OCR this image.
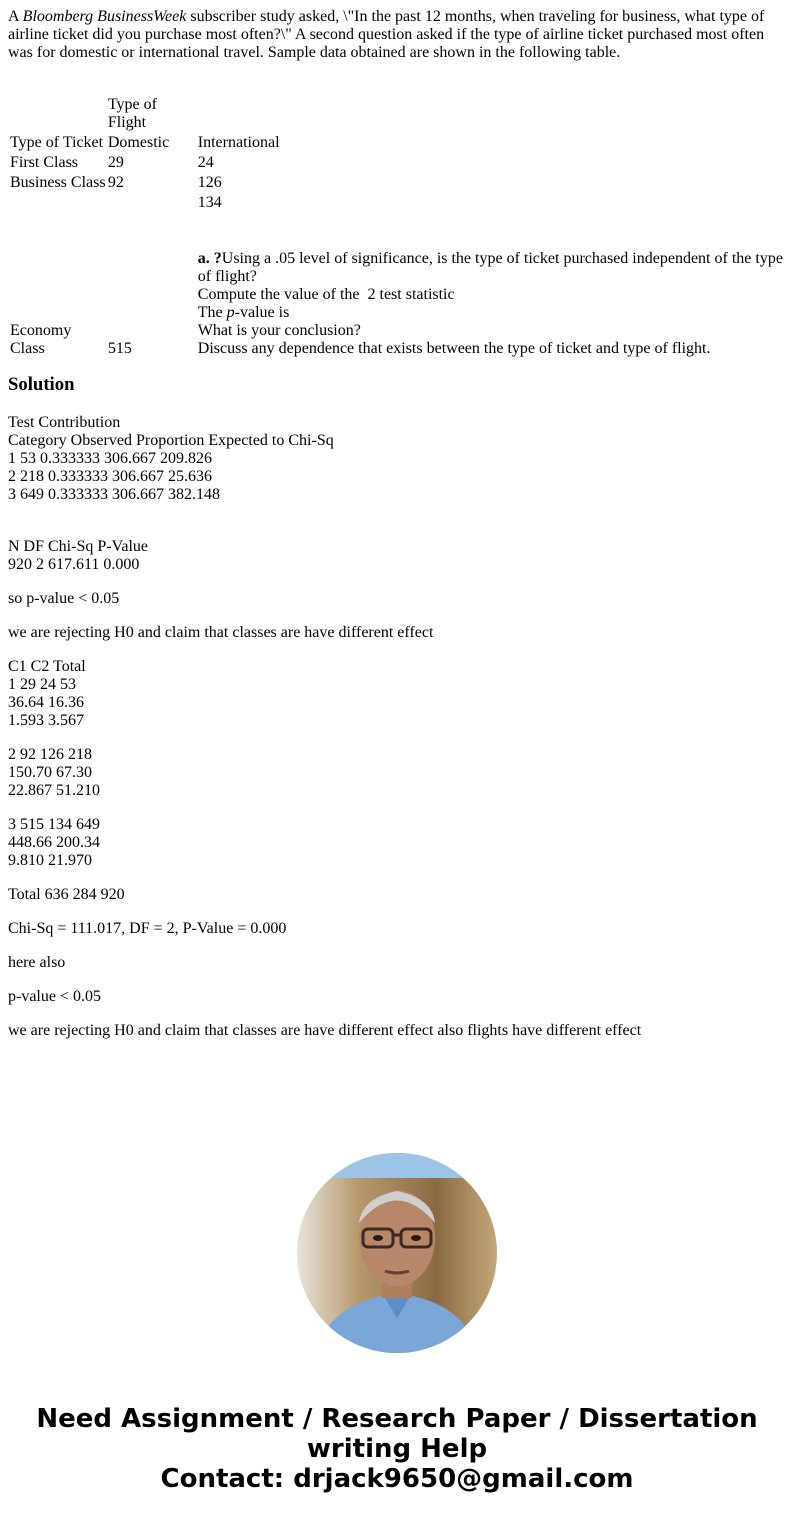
A Bloomberg BusinessWeek subscriber study asked, \"In the past 12 months, when traveling for business, what type of airline ticket did you purchase most often?\" A second question asked if the type of airline ticket purchased most often was for domestic or international travel. Sample data obtained are shown in the following table.

	Type of Flight	
Type of Ticket	Domestic	International
First Class	29	24
Business Class	92	126
		134

Economy Class	515	a. ?Using a .05 level of significance, is the type of ticket purchased independent of the type of flight?
Compute the value of the  2 test statistic
The p-value is
What is your conclusion?
Discuss any dependence that exists between the type of ticket and type of flight.
Solution

Test Contribution

Category Observed Proportion Expected to Chi-Sq

1 53 0.333333 306.667 209.826

2 218 0.333333 306.667 25.636

3 649 0.333333 306.667 382.148

N DF Chi-Sq P-Value

920 2 617.611 0.000

so p-value < 0.05

we are rejecting H0 and claim that classes are have different effect

C1 C2 Total

1 29 24 53

36.64 16.36

1.593 3.567

2 92 126 218

150.70 67.30

22.867 51.210

3 515 134 649

448.66 200.34

9.810 21.970

Total 636 284 920

Chi-Sq = 111.017, DF = 2, P-Value = 0.000

here also

p-value < 0.05

we are rejecting H0 and claim that classes are have different effect also flights have different effect

Need Assignment / Research Paper / Dissertation
writing Help
Contact: drjack9650@gmail.com
